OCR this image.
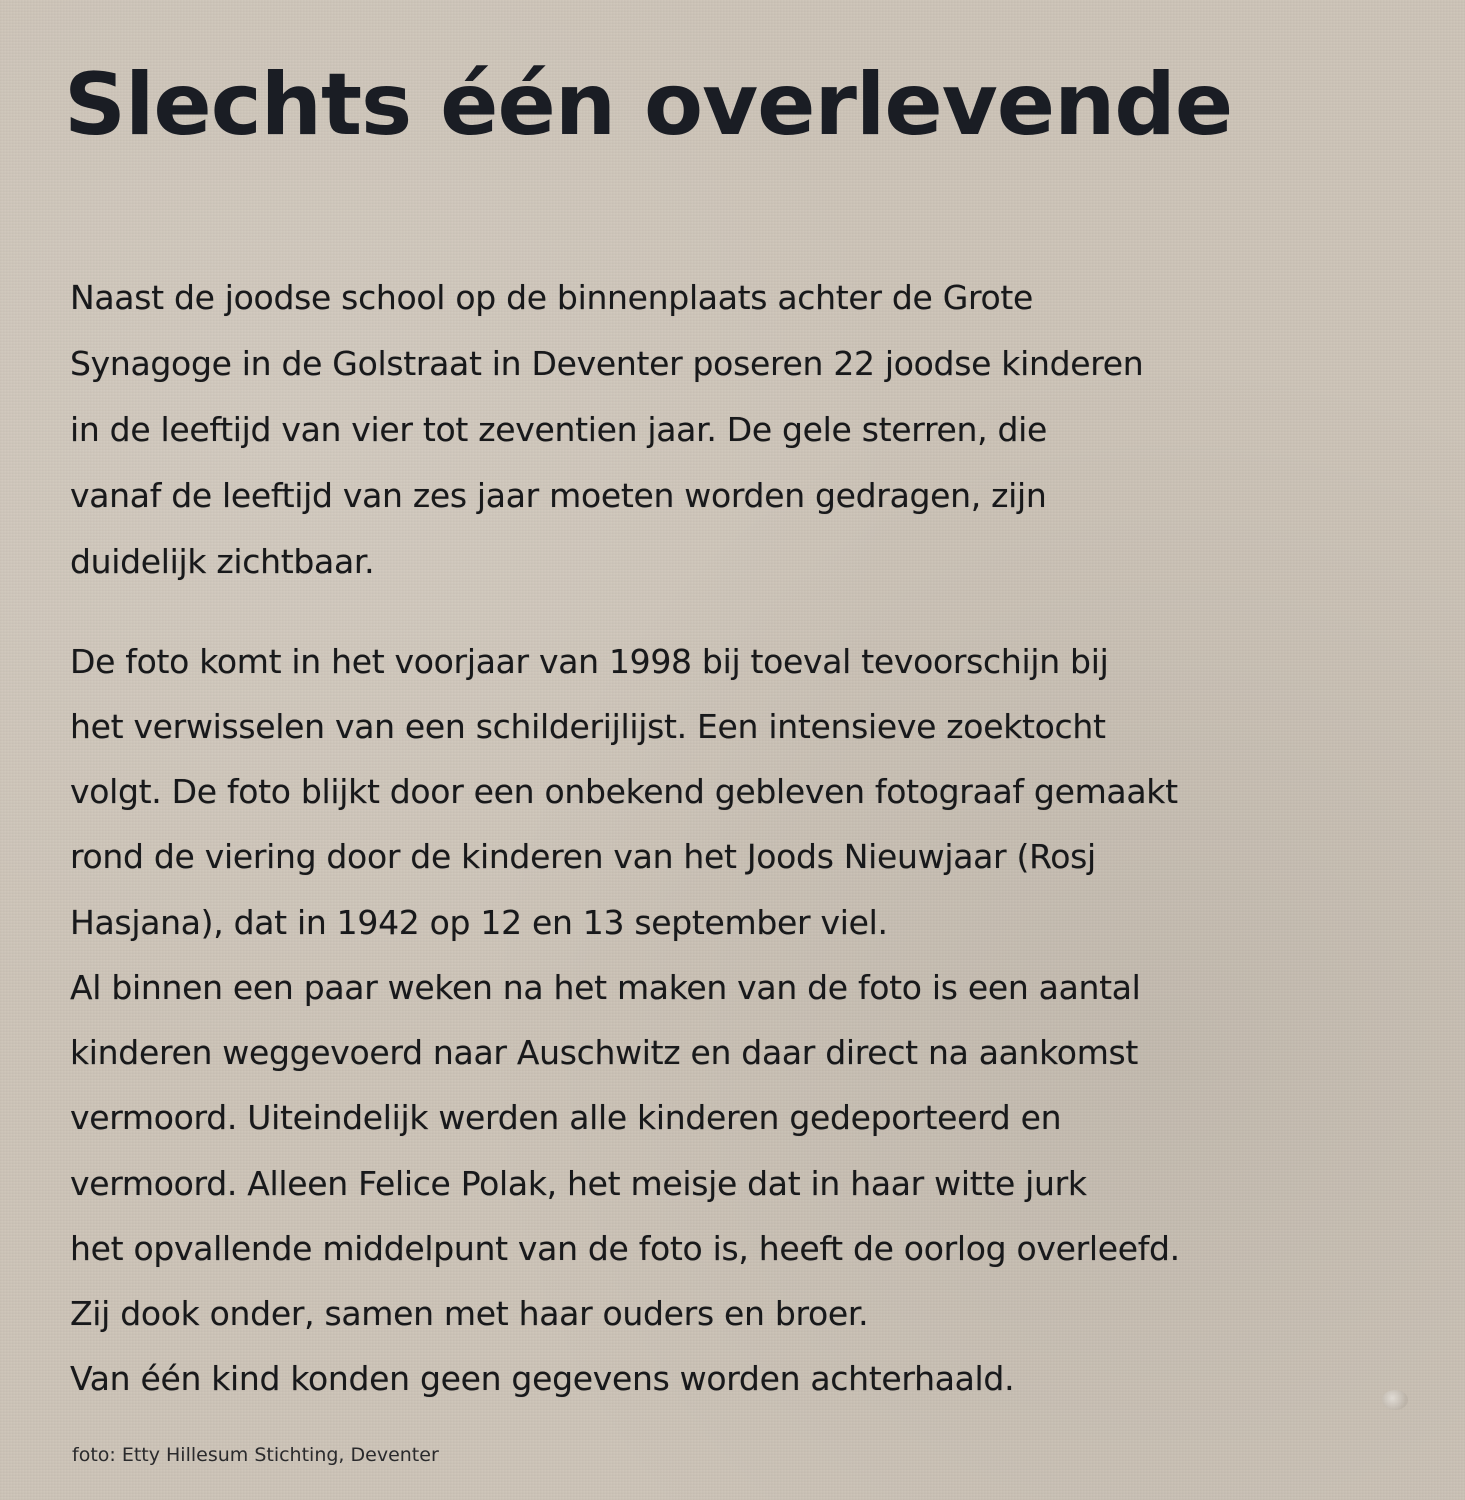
Slechts één overlevende

Naast de joodse school op de binnenplaats achter de Grote

Synagoge in de Golstraat in Deventer poseren 22 joodse kinderen

in de leeftijd van vier tot zeventien jaar. De gele sterren, die

vanaf de leeftijd van zes jaar moeten worden gedragen, zijn

duidelijk zichtbaar.

De foto komt in het voorjaar van 1998 bij toeval tevoorschijn bij

het verwisselen van een schilderijlijst. Een intensieve zoektocht

volgt. De foto blijkt door een onbekend gebleven fotograaf gemaakt

rond de viering door de kinderen van het Joods Nieuwjaar (Rosj

Hasjana), dat in 1942 op 12 en 13 september viel.

Al binnen een paar weken na het maken van de foto is een aantal

kinderen weggevoerd naar Auschwitz en daar direct na aankomst

vermoord. Uiteindelijk werden alle kinderen gedeporteerd en

vermoord. Alleen Felice Polak, het meisje dat in haar witte jurk

het opvallende middelpunt van de foto is, heeft de oorlog overleefd.

Zij dook onder, samen met haar ouders en broer.

Van één kind konden geen gegevens worden achterhaald.

foto: Etty Hillesum Stichting, Deventer
